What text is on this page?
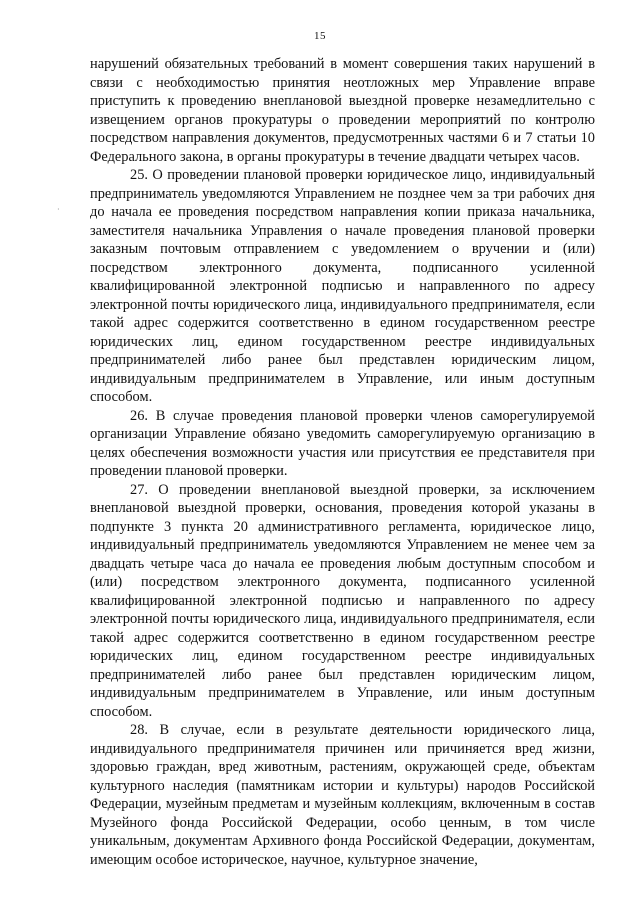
15
·

нарушений обязательных требований в момент совершения таких нарушений в связи с необходимостью принятия неотложных мер Управление вправе приступить к проведению внеплановой выездной проверке незамедлительно с извещением органов прокуратуры о проведении мероприятий по контролю посредством направления документов, предусмотренных частями 6 и 7 статьи 10 Федерального закона, в органы прокуратуры в течение двадцати четырех часов.

25. О проведении плановой проверки юридическое лицо, индивидуальный предприниматель уведомляются Управлением не позднее чем за три рабочих дня до начала ее проведения посредством направления копии приказа начальника, заместителя начальника Управления о начале проведения плановой проверки заказным почтовым отправлением с уведомлением о вручении и (или) посредством электронного документа, подписанного усиленной квалифицированной электронной подписью и направленного по адресу электронной почты юридического лица, индивидуального предпринимателя, если такой адрес содержится соответственно в едином государственном реестре юридических лиц, едином государственном реестре индивидуальных предпринимателей либо ранее был представлен юридическим лицом, индивидуальным предпринимателем в Управление, или иным доступным способом.

26. В случае проведения плановой проверки членов саморегулируемой организации Управление обязано уведомить саморегулируемую организацию в целях обеспечения возможности участия или присутствия ее представителя при проведении плановой проверки.

27. О проведении внеплановой выездной проверки, за исключением внеплановой выездной проверки, основания, проведения которой указаны в подпункте 3 пункта 20 административного регламента, юридическое лицо, индивидуальный предприниматель уведомляются Управлением не менее чем за двадцать четыре часа до начала ее проведения любым доступным способом и (или) посредством электронного документа, подписанного усиленной квалифицированной электронной подписью и направленного по адресу электронной почты юридического лица, индивидуального предпринимателя, если такой адрес содержится соответственно в едином государственном реестре юридических лиц, едином государственном реестре индивидуальных предпринимателей либо ранее был представлен юридическим лицом, индивидуальным предпринимателем в Управление, или иным доступным способом.

28. В случае, если в результате деятельности юридического лица, индивидуального предпринимателя причинен или причиняется вред жизни, здоровью граждан, вред животным, растениям, окружающей среде, объектам культурного наследия (памятникам истории и культуры) народов Российской Федерации, музейным предметам и музейным коллекциям, включенным в состав Музейного фонда Российской Федерации, особо ценным, в том числе уникальным, документам Архивного фонда Российской Федерации, документам, имеющим особое историческое, научное, культурное значение,
